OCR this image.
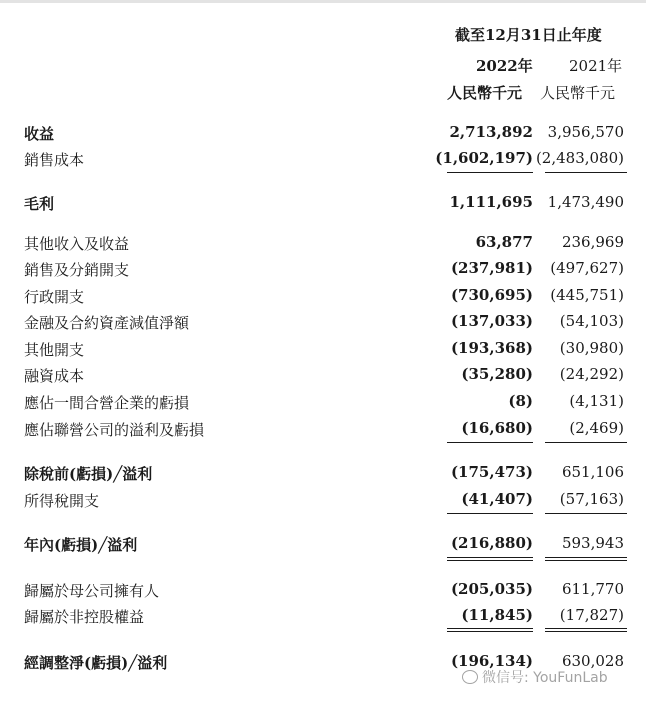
截至12月31日止年度
2022年 2021年
人民幣千元 人民幣千元
收益	2,713,892 3,956,570
銷售成本	(1,602,197) (2,483,080)
毛利	1,111,695 1,473,490
其他收入及收益	63,877 236,969
銷售及分銷開支	(237,981) (497,627)
行政開支	(730,695) (445,751)
金融及合約資產減值淨額	(137,033) (54,103)
其他開支	(193,368) (30,980)
融資成本	(35,280) (24,292)
應佔一間合營企業的虧損	(8) (4,131)
應佔聯營公司的溢利及虧損	(16,680) (2,469)
除稅前(虧損)╱溢利	(175,473) 651,106
所得稅開支	(41,407) (57,163)
年內(虧損)╱溢利	(216,880) 593,943
歸屬於母公司擁有人	(205,035) 611,770
歸屬於非控股權益	(11,845) (17,827)
經調整淨(虧損)╱溢利	(196,134) 630,028
微信号: YouFunLab
